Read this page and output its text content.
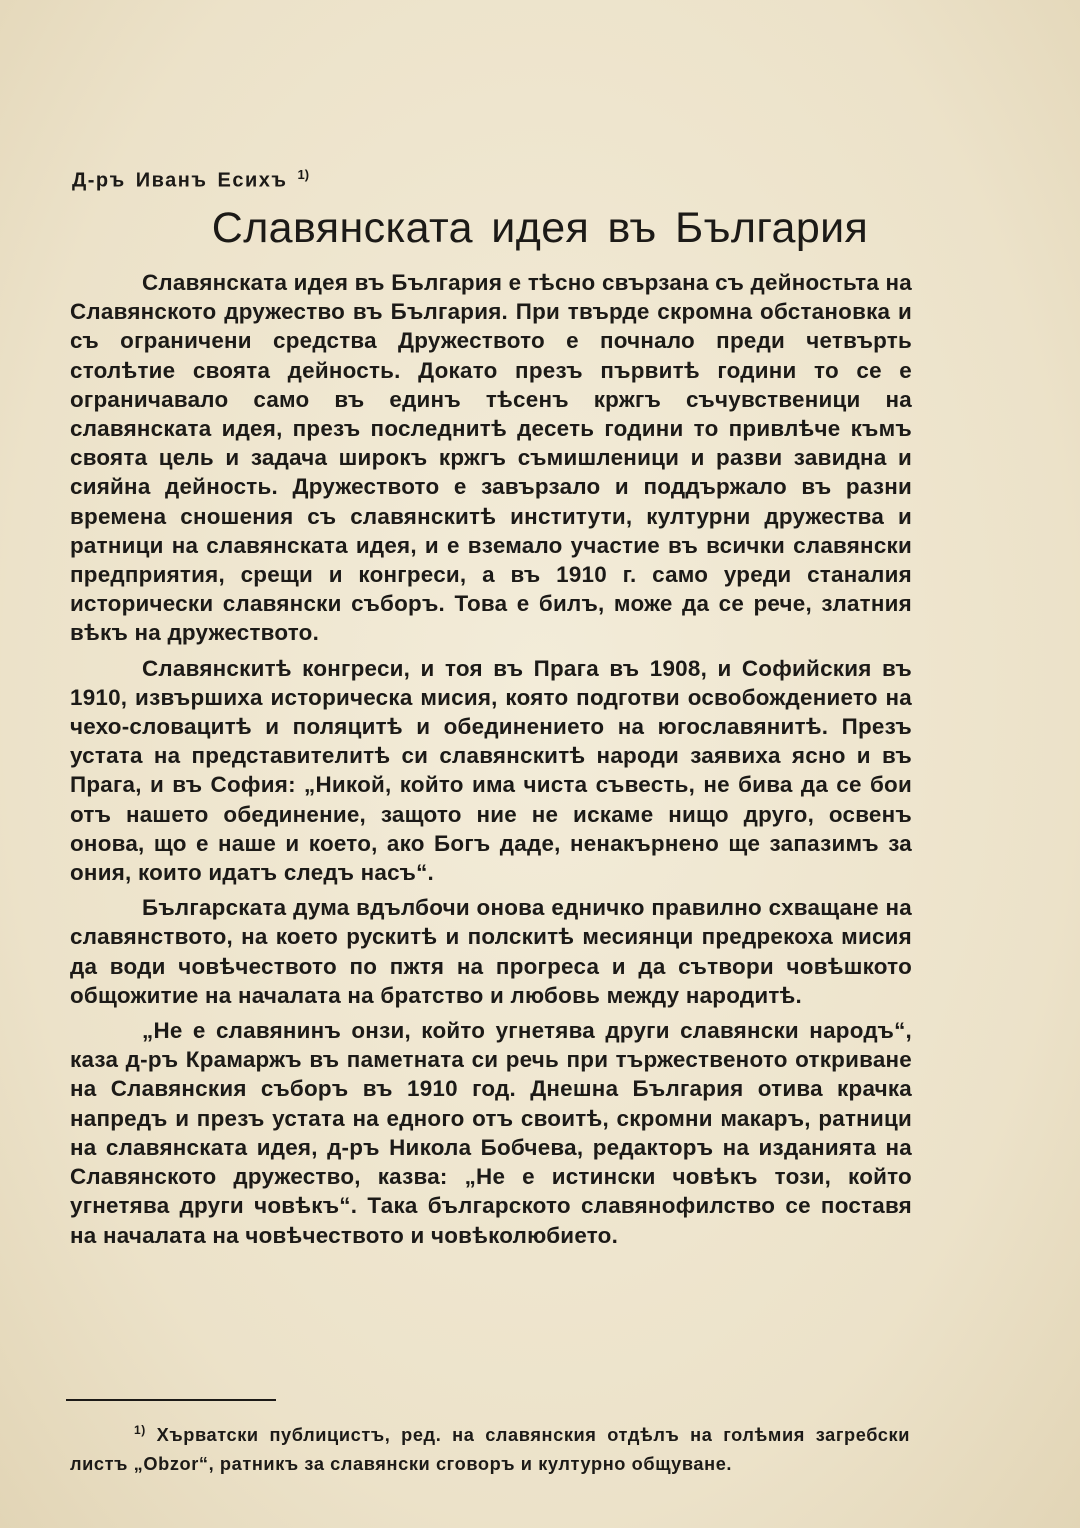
Д-ръ Иванъ Есихъ $^{1)}$
Славянската идея въ България

Славянската идея въ България е тѣсно свързана съ дейностьта на Славянското дружество въ България. При твърде скромна обстановка и съ ограничени средства Дружеството е почнало преди четвърть столѣтие своята дейность. Докато презъ първитѣ години то се е ограничавало само въ единъ тѣсенъ кржгъ съчувственици на славянската идея, презъ последнитѣ десеть години то привлѣче къмъ своята цель и задача широкъ кржгъ съмишленици и разви завидна и сияйна дейность. Дружеството е завързало и поддържало въ разни времена сношения съ славянскитѣ институти, културни дружества и ратници на славянската идея, и е вземало участие въ всички славянски предприятия, срещи и конгреси, а въ 1910 г. само уреди станалия исторически славянски съборъ. Това е билъ, може да се рече, златния вѣкъ на дружеството.

Славянскитѣ конгреси, и тоя въ Прага въ 1908, и Софийския въ 1910, извършиха историческа мисия, която подготви освобождението на чехо-словацитѣ и поляцитѣ и обединението на югославянитѣ. Презъ устата на представителитѣ си славянскитѣ народи заявиха ясно и въ Прага, и въ София: „Никой, който има чиста съвесть, не бива да се бои отъ нашето обединение, защото ние не искаме нищо друго, освенъ онова, що е наше и което, ако Богъ даде, ненакърнено ще запазимъ за ония, които идатъ следъ насъ“.

Българската дума вдълбочи онова едничко правилно схващане на славянството, на което рускитѣ и полскитѣ месиянци предрекоха мисия да води човѣчеството по пжтя на прогреса и да сътвори човѣшкото общожитие на началата на братство и любовь между народитѣ.

„Не е славянинъ онзи, който угнетява други славянски народъ“, каза д-ръ Крамаржъ въ паметната си речь при тържественото откриване на Славянския съборъ въ 1910 год. Днешна България отива крачка напредъ и презъ устата на едного отъ своитѣ, скромни макаръ, ратници на славянската идея, д-ръ Никола Бобчева, редакторъ на изданията на Славянското дружество, казва: „Не е истински човѣкъ този, който угнетява други човѣкъ“. Така българското славянофилство се поставя на началата на човѣчеството и човѣколюбието.

$^{1)}$ Хърватски публицистъ, ред. на славянския отдѣлъ на голѣмия загребски листъ „Obzor“, ратникъ за славянски сговоръ и културно общуване.
